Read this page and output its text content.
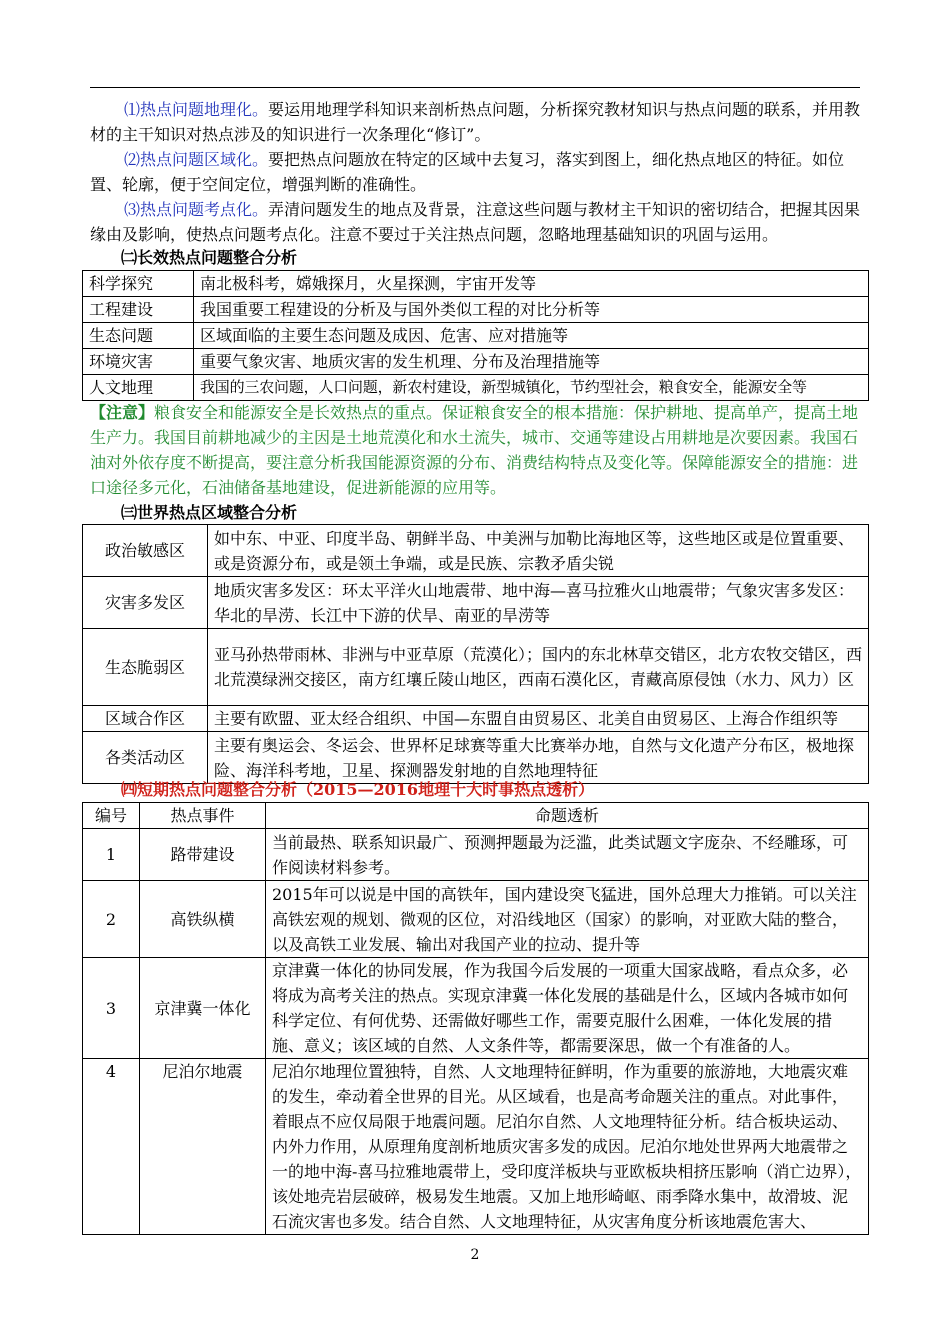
⑴热点问题地理化。要运用地理学科知识来剖析热点问题，分析探究教材知识与热点问题的联系，并用教材的主干知识对热点涉及的知识进行一次条理化“修订”。

⑵热点问题区域化。要把热点问题放在特定的区域中去复习，落实到图上，细化热点地区的特征。如位置、轮廓，便于空间定位，增强判断的准确性。

⑶热点问题考点化。弄清问题发生的地点及背景，注意这些问题与教材主干知识的密切结合，把握其因果缘由及影响，使热点问题考点化。注意不要过于关注热点问题，忽略地理基础知识的巩固与运用。

㈡长效热点问题整合分析
科学探究	南北极科考，嫦娥探月，火星探测，宇宙开发等
工程建设	我国重要工程建设的分析及与国外类似工程的对比分析等
生态问题	区域面临的主要生态问题及成因、危害、应对措施等
环境灾害	重要气象灾害、地质灾害的发生机理、分布及治理措施等
人文地理	我国的三农问题，人口问题，新农村建设，新型城镇化，节约型社会，粮食安全，能源安全等

【注意】粮食安全和能源安全是长效热点的重点。保证粮食安全的根本措施：保护耕地、提高单产，提高土地生产力。我国目前耕地减少的主因是土地荒漠化和水土流失，城市、交通等建设占用耕地是次要因素。我国石油对外依存度不断提高，要注意分析我国能源资源的分布、消费结构特点及变化等。保障能源安全的措施：进口途径多元化，石油储备基地建设，促进新能源的应用等。

㈢世界热点区域整合分析
政治敏感区	如中东、中亚、印度半岛、朝鲜半岛、中美洲与加勒比海地区等，这些地区或是位置重要、或是资源分布，或是领土争端，或是民族、宗教矛盾尖锐
灾害多发区	地质灾害多发区：环太平洋火山地震带、地中海—喜马拉雅火山地震带；气象灾害多发区：华北的旱涝、长江中下游的伏旱、南亚的旱涝等
生态脆弱区	亚马孙热带雨林、非洲与中亚草原（荒漠化）；国内的东北林草交错区，北方农牧交错区，西北荒漠绿洲交接区，南方红壤丘陵山地区，西南石漠化区，青藏高原侵蚀（水力、风力）区
区域合作区	主要有欧盟、亚太经合组织、中国—东盟自由贸易区、北美自由贸易区、上海合作组织等
各类活动区	主要有奥运会、冬运会、世界杯足球赛等重大比赛举办地，自然与文化遗产分布区，极地探险、海洋科考地，卫星、探测器发射地的自然地理特征
㈣短期热点问题整合分析（2015—2016地理十大时事热点透析）
编号	热点事件	命题透析
1	路带建设	当前最热、联系知识最广、预测押题最为泛滥，此类试题文字庞杂、不经雕琢，可作阅读材料参考。
2	高铁纵横	2015年可以说是中国的高铁年，国内建设突飞猛进，国外总理大力推销。可以关注高铁宏观的规划、微观的区位，对沿线地区（国家）的影响，对亚欧大陆的整合，以及高铁工业发展、输出对我国产业的拉动、提升等
3	京津冀一体化	京津冀一体化的协同发展，作为我国今后发展的一项重大国家战略，看点众多，必将成为高考关注的热点。实现京津冀一体化发展的基础是什么，区域内各城市如何科学定位、有何优势、还需做好哪些工作，需要克服什么困难，一体化发展的措施、意义；该区域的自然、人文条件等，都需要深思，做一个有准备的人。
4	尼泊尔地震	尼泊尔地理位置独特，自然、人文地理特征鲜明，作为重要的旅游地，大地震灾难的发生，牵动着全世界的目光。从区域看，也是高考命题关注的重点。对此事件，着眼点不应仅局限于地震问题。尼泊尔自然、人文地理特征分析。结合板块运动、内外力作用，从原理角度剖析地质灾害多发的成因。尼泊尔地处世界两大地震带之一的地中海-喜马拉雅地震带上，受印度洋板块与亚欧板块相挤压影响（消亡边界），该处地壳岩层破碎，极易发生地震。又加上地形崎岖、雨季降水集中，故滑坡、泥石流灾害也多发。结合自然、人文地理特征，从灾害角度分析该地震危害大、
2
